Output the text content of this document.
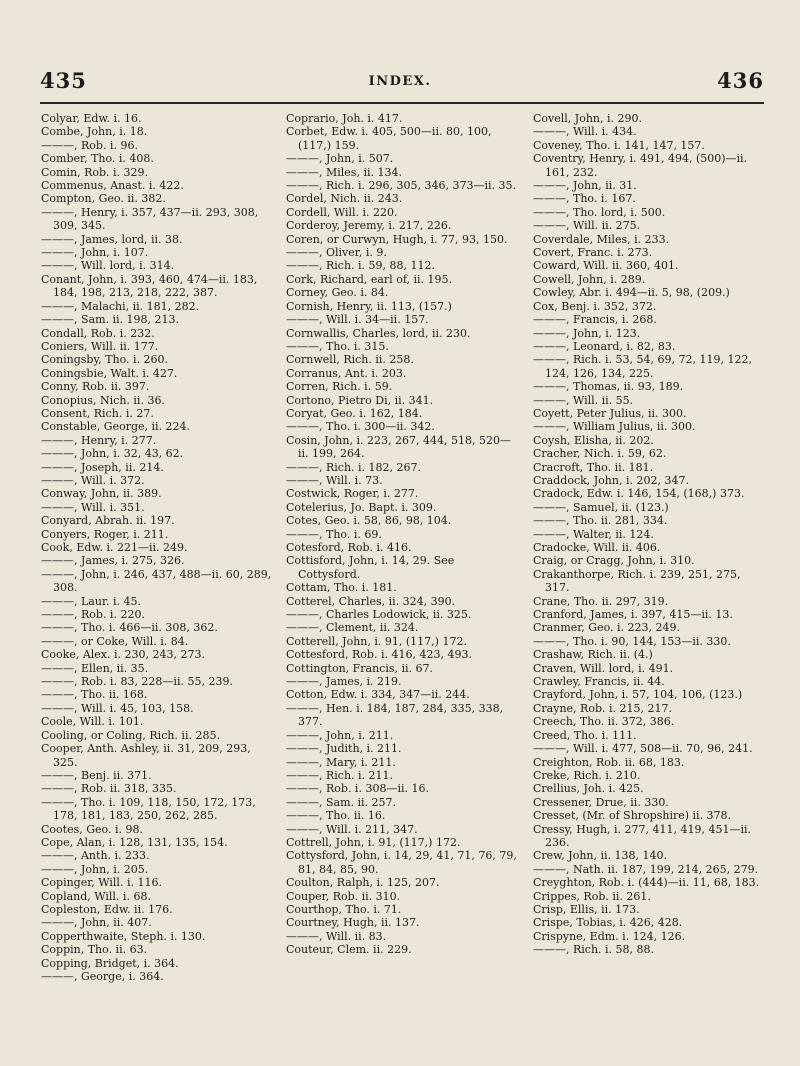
435	INDEX.	436

Colyar, Edw. i. 16.

Combe, John, i. 18.

———, Rob. i. 96.

Comber, Tho. i. 408.

Comin, Rob. i. 329.

Commenus, Anast. i. 422.

Compton, Geo. ii. 382.

———, Henry, i. 357, 437—ii. 293, 308, 309, 345.

———, James, lord, ii. 38.

———, John, i. 107.

———, Will. lord, i. 314.

Conant, John, i. 393, 460, 474—ii. 183, 184, 198, 213, 218, 222, 387.

———, Malachi, ii. 181, 282.

———, Sam. ii. 198, 213.

Condall, Rob. i. 232.

Coniers, Will. ii. 177.

Coningsby, Tho. i. 260.

Coningsbie, Walt. i. 427.

Conny, Rob. ii. 397.

Conopius, Nich. ii. 36.

Consent, Rich. i. 27.

Constable, George, ii. 224.

———, Henry, i. 277.

———, John, i. 32, 43, 62.

———, Joseph, ii. 214.

———, Will. i. 372.

Conway, John, ii. 389.

———, Will. i. 351.

Conyard, Abrah. ii. 197.

Conyers, Roger, i. 211.

Cook, Edw. i. 221—ii. 249.

———, James, i. 275, 326.

———, John, i. 246, 437, 488—ii. 60, 289, 308.

———, Laur. i. 45.

———, Rob. i. 220.

———, Tho. i. 466—ii. 308, 362.

———, or Coke, Will. i. 84.

Cooke, Alex. i. 230, 243, 273.

———, Ellen, ii. 35.

———, Rob. i. 83, 228—ii. 55, 239.

———, Tho. ii. 168.

———, Will. i. 45, 103, 158.

Coole, Will. i. 101.

Cooling, or Coling, Rich. ii. 285.

Cooper, Anth. Ashley, ii. 31, 209, 293, 325.

———, Benj. ii. 371.

———, Rob. ii. 318, 335.

———, Tho. i. 109, 118, 150, 172, 173, 178, 181, 183, 250, 262, 285.

Cootes, Geo. i. 98.

Cope, Alan, i. 128, 131, 135, 154.

———, Anth. i. 233.

———, John, i. 205.

Copinger, Will. i. 116.

Copland, Will. i. 68.

Copleston, Edw. ii. 176.

———, John, ii. 407.

Copperthwaite, Steph. i. 130.

Coppin, Tho. ii. 63.

Copping, Bridget, i. 364.

———, George, i. 364.

Coprario, Joh. i. 417.

Corbet, Edw. i. 405, 500—ii. 80, 100, (117,) 159.

———, John, i. 507.

———, Miles, ii. 134.

———, Rich. i. 296, 305, 346, 373—ii. 35.

Cordel, Nich. ii. 243.

Cordell, Will. i. 220.

Corderoy, Jeremy, i. 217, 226.

Coren, or Curwyn, Hugh, i. 77, 93, 150.

———, Oliver, i. 9.

———, Rich. i. 59, 88, 112.

Cork, Richard, earl of, ii. 195.

Corney, Geo. i. 84.

Cornish, Henry, ii. 113, (157.)

———, Will. i. 34—ii. 157.

Cornwallis, Charles, lord, ii. 230.

———, Tho. i. 315.

Cornwell, Rich. ii. 258.

Corranus, Ant. i. 203.

Corren, Rich. i. 59.

Cortono, Pietro Di, ii. 341.

Coryat, Geo. i. 162, 184.

———, Tho. i. 300—ii. 342.

Cosin, John, i. 223, 267, 444, 518, 520—ii. 199, 264.

———, Rich. i. 182, 267.

———, Will. i. 73.

Costwick, Roger, i. 277.

Cotelerius, Jo. Bapt. i. 309.

Cotes, Geo. i. 58, 86, 98, 104.

———, Tho. i. 69.

Cotesford, Rob. i. 416.

Cottisford, John, i. 14, 29. See Cottysford.

Cottam, Tho. i. 181.

Cotterel, Charles, ii. 324, 390.

———, Charles Lodowick, ii. 325.

———, Clement, ii. 324.

Cotterell, John, i. 91, (117,) 172.

Cottesford, Rob. i. 416, 423, 493.

Cottington, Francis, ii. 67.

———, James, i. 219.

Cotton, Edw. i. 334, 347—ii. 244.

———, Hen. i. 184, 187, 284, 335, 338, 377.

———, John, i. 211.

———, Judith, i. 211.

———, Mary, i. 211.

———, Rich. i. 211.

———, Rob. i. 308—ii. 16.

———, Sam. ii. 257.

———, Tho. ii. 16.

———, Will. i. 211, 347.

Cottrell, John, i. 91, (117,) 172.

Cottysford, John, i. 14, 29, 41, 71, 76, 79, 81, 84, 85, 90.

Coulton, Ralph, i. 125, 207.

Couper, Rob. ii. 310.

Courthop, Tho. i. 71.

Courtney, Hugh, ii. 137.

———, Will. ii. 83.

Couteur, Clem. ii. 229.

Covell, John, i. 290.

———, Will. i. 434.

Coveney, Tho. i. 141, 147, 157.

Coventry, Henry, i. 491, 494, (500)—ii. 161, 232.

———, John, ii. 31.

———, Tho. i. 167.

———, Tho. lord, i. 500.

———, Will. ii. 275.

Coverdale, Miles, i. 233.

Covert, Franc. i. 273.

Coward, Will. ii. 360, 401.

Cowell, John, i. 289.

Cowley, Abr. i. 494—ii. 5, 98, (209.)

Cox, Benj. i. 352, 372.

———, Francis, i. 268.

———, John, i. 123.

———, Leonard, i. 82, 83.

———, Rich. i. 53, 54, 69, 72, 119, 122, 124, 126, 134, 225.

———, Thomas, ii. 93, 189.

———, Will. ii. 55.

Coyett, Peter Julius, ii. 300.

———, William Julius, ii. 300.

Coysh, Elisha, ii. 202.

Cracher, Nich. i. 59, 62.

Cracroft, Tho. ii. 181.

Craddock, John, i. 202, 347.

Cradock, Edw. i. 146, 154, (168,) 373.

———, Samuel, ii. (123.)

———, Tho. ii. 281, 334.

———, Walter, ii. 124.

Cradocke, Will. ii. 406.

Craig, or Cragg, John, i. 310.

Crakanthorpe, Rich. i. 239, 251, 275, 317.

Crane, Tho. ii. 297, 319.

Cranford, James, i. 397, 415—ii. 13.

Cranmer, Geo. i. 223, 249.

———, Tho. i. 90, 144, 153—ii. 330.

Crashaw, Rich. ii. (4.)

Craven, Will. lord, i. 491.

Crawley, Francis, ii. 44.

Crayford, John, i. 57, 104, 106, (123.)

Crayne, Rob. i. 215, 217.

Creech, Tho. ii. 372, 386.

Creed, Tho. i. 111.

———, Will. i. 477, 508—ii. 70, 96, 241.

Creighton, Rob. ii. 68, 183.

Creke, Rich. i. 210.

Crellius, Joh. i. 425.

Cressener, Drue, ii. 330.

Cresset, (Mr. of Shropshire) ii. 378.

Cressy, Hugh, i. 277, 411, 419, 451—ii. 236.

Crew, John, ii. 138, 140.

———, Nath. ii. 187, 199, 214, 265, 279.

Creyghton, Rob. i. (444)—ii. 11, 68, 183.

Crippes, Rob. ii. 261.

Crisp, Ellis, ii. 173.

Crispe, Tobias, i. 426, 428.

Crispyne, Edm. i. 124, 126.

———, Rich. i. 58, 88.
